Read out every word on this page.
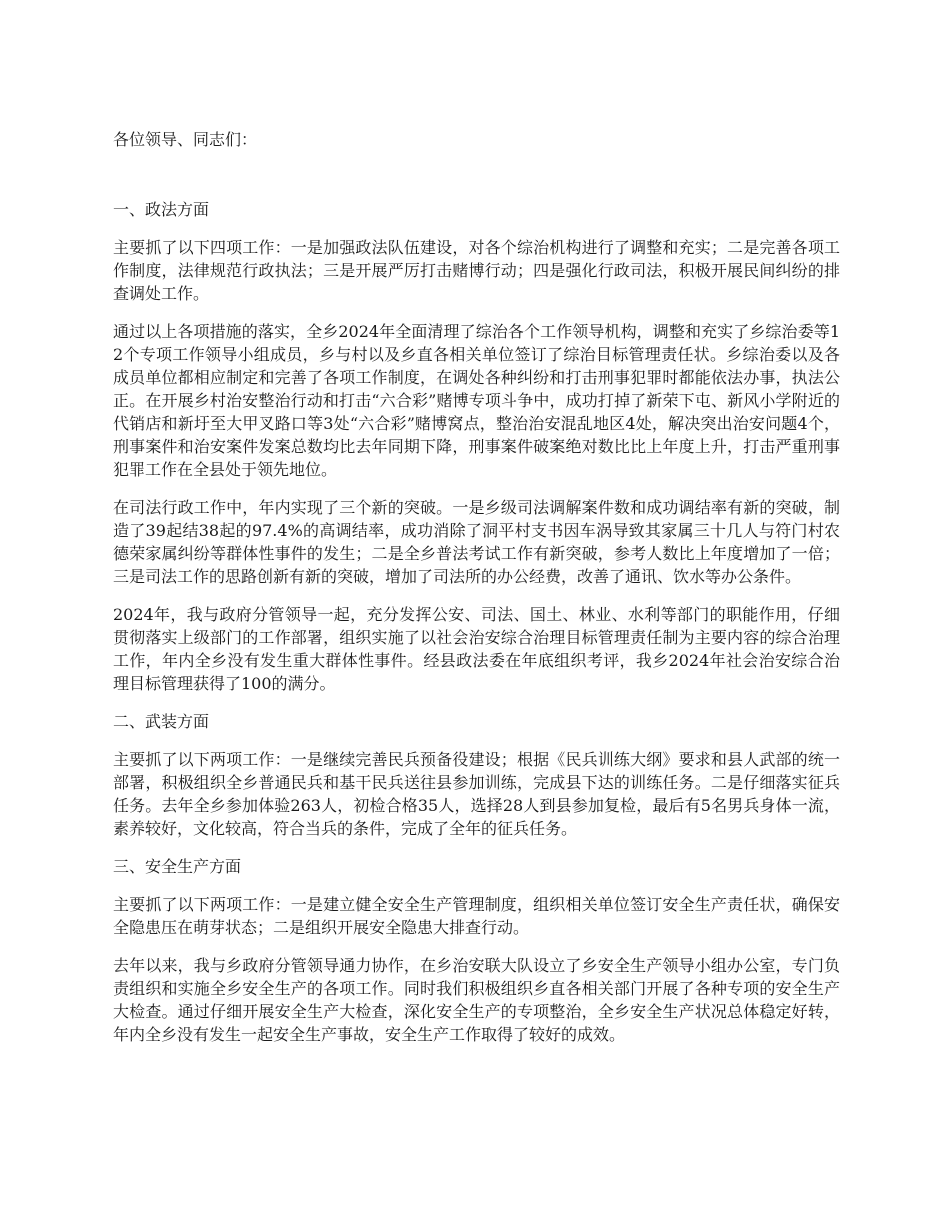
各位领导、同志们：

一、政法方面

主要抓了以下四项工作：一是加强政法队伍建设，对各个综治机构进行了调整和充实；二是完善各项工作制度，法律规范行政执法；三是开展严厉打击赌博行动；四是强化行政司法，积极开展民间纠纷的排查调处工作。

通过以上各项措施的落实，全乡2024年全面清理了综治各个工作领导机构，调整和充实了乡综治委等12个专项工作领导小组成员，乡与村以及乡直各相关单位签订了综治目标管理责任状。乡综治委以及各成员单位都相应制定和完善了各项工作制度，在调处各种纠纷和打击刑事犯罪时都能依法办事，执法公正。在开展乡村治安整治行动和打击“六合彩”赌博专项斗争中，成功打掉了新荣下屯、新风小学附近的代销店和新圩至大甲叉路口等3处“六合彩”赌博窝点，整治治安混乱地区4处，解决突出治安问题4个，刑事案件和治安案件发案总数均比去年同期下降，刑事案件破案绝对数比比上年度上升，打击严重刑事犯罪工作在全县处于领先地位。

在司法行政工作中，年内实现了三个新的突破。一是乡级司法调解案件数和成功调结率有新的突破，制造了39起结38起的97.4%的高调结率，成功消除了洞平村支书因车涡导致其家属三十几人与符门村农德荣家属纠纷等群体性事件的发生；二是全乡普法考试工作有新突破，参考人数比上年度增加了一倍；三是司法工作的思路创新有新的突破，增加了司法所的办公经费，改善了通讯、饮水等办公条件。

2024年，我与政府分管领导一起，充分发挥公安、司法、国土、林业、水利等部门的职能作用，仔细贯彻落实上级部门的工作部署，组织实施了以社会治安综合治理目标管理责任制为主要内容的综合治理工作，年内全乡没有发生重大群体性事件。经县政法委在年底组织考评，我乡2024年社会治安综合治理目标管理获得了100的满分。

二、武装方面

主要抓了以下两项工作：一是继续完善民兵预备役建设；根据《民兵训练大纲》要求和县人武部的统一部署，积极组织全乡普通民兵和基干民兵送往县参加训练，完成县下达的训练任务。二是仔细落实征兵任务。去年全乡参加体验263人，初检合格35人，选择28人到县参加复检，最后有5名男兵身体一流，素养较好，文化较高，符合当兵的条件，完成了全年的征兵任务。

三、安全生产方面

主要抓了以下两项工作：一是建立健全安全生产管理制度，组织相关单位签订安全生产责任状，确保安全隐患压在萌芽状态；二是组织开展安全隐患大排查行动。

去年以来，我与乡政府分管领导通力协作，在乡治安联大队设立了乡安全生产领导小组办公室，专门负责组织和实施全乡安全生产的各项工作。同时我们积极组织乡直各相关部门开展了各种专项的安全生产大检查。通过仔细开展安全生产大检查，深化安全生产的专项整治，全乡安全生产状况总体稳定好转，年内全乡没有发生一起安全生产事故，安全生产工作取得了较好的成效。
